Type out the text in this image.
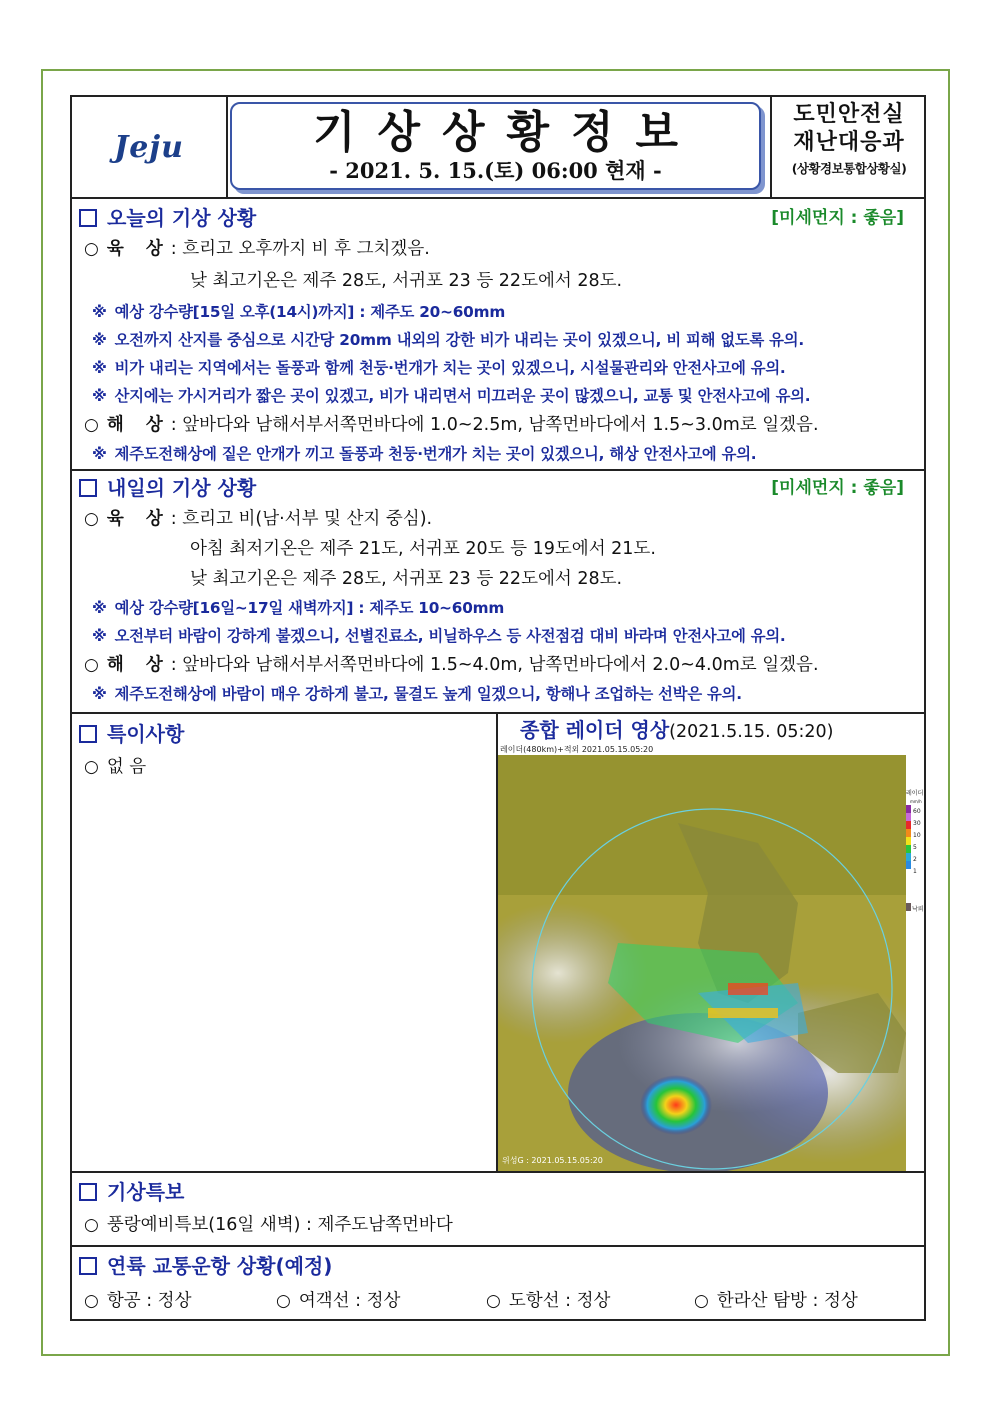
Jeju	기상상황정보
- 2021. 5. 15.(토) 06:00 현재 -
도민안전실
재난대응과
(상황경보통합상황실)
오늘의 기상 상황	[미세먼지 : 좋음]
○ 육 상: 흐리고 오후까지 비 후 그치겠음.
낮 최고기온은 제주 28도, 서귀포 23 등 22도에서 28도.
※ 예상 강수량[15일 오후(14시)까지] : 제주도 20~60mm
※ 오전까지 산지를 중심으로 시간당 20mm 내외의 강한 비가 내리는 곳이 있겠으니, 비 피해 없도록 유의.
※ 비가 내리는 지역에서는 돌풍과 함께 천둥·번개가 치는 곳이 있겠으니, 시설물관리와 안전사고에 유의.
※ 산지에는 가시거리가 짧은 곳이 있겠고, 비가 내리면서 미끄러운 곳이 많겠으니, 교통 및 안전사고에 유의.
○ 해 상: 앞바다와 남해서부서쪽먼바다에 1.0~2.5m, 남쪽먼바다에서 1.5~3.0m로 일겠음.
※ 제주도전해상에 짙은 안개가 끼고 돌풍과 천둥·번개가 치는 곳이 있겠으니, 해상 안전사고에 유의.
내일의 기상 상황	[미세먼지 : 좋음]
○ 육 상: 흐리고 비(남·서부 및 산지 중심).
아침 최저기온은 제주 21도, 서귀포 20도 등 19도에서 21도.
낮 최고기온은 제주 28도, 서귀포 23 등 22도에서 28도.
※ 예상 강수량[16일~17일 새벽까지] : 제주도 10~60mm
※ 오전부터 바람이 강하게 불겠으니, 선별진료소, 비닐하우스 등 사전점검 대비 바라며 안전사고에 유의.
○ 해 상: 앞바다와 남해서부서쪽먼바다에 1.5~4.0m, 남쪽먼바다에서 2.0~4.0m로 일겠음.
※ 제주도전해상에 바람이 매우 강하게 불고, 물결도 높게 일겠으니, 항해나 조업하는 선박은 유의.
특이사항
○ 없 음
종합 레이더 영상(2021.5.15. 05:20)
레이더(480km)+적외 2021.05.15.05:20
위성G : 2021.05.15.05:20
레이더
mm/h
60
30
10
5
2
1
낙뢰
기상특보
○ 풍랑예비특보(16일 새벽) : 제주도남쪽먼바다
연륙 교통운항 상황(예정)
○ 항공 : 정상	○ 여객선 : 정상	○ 도항선 : 정상	○ 한라산 탐방 : 정상
